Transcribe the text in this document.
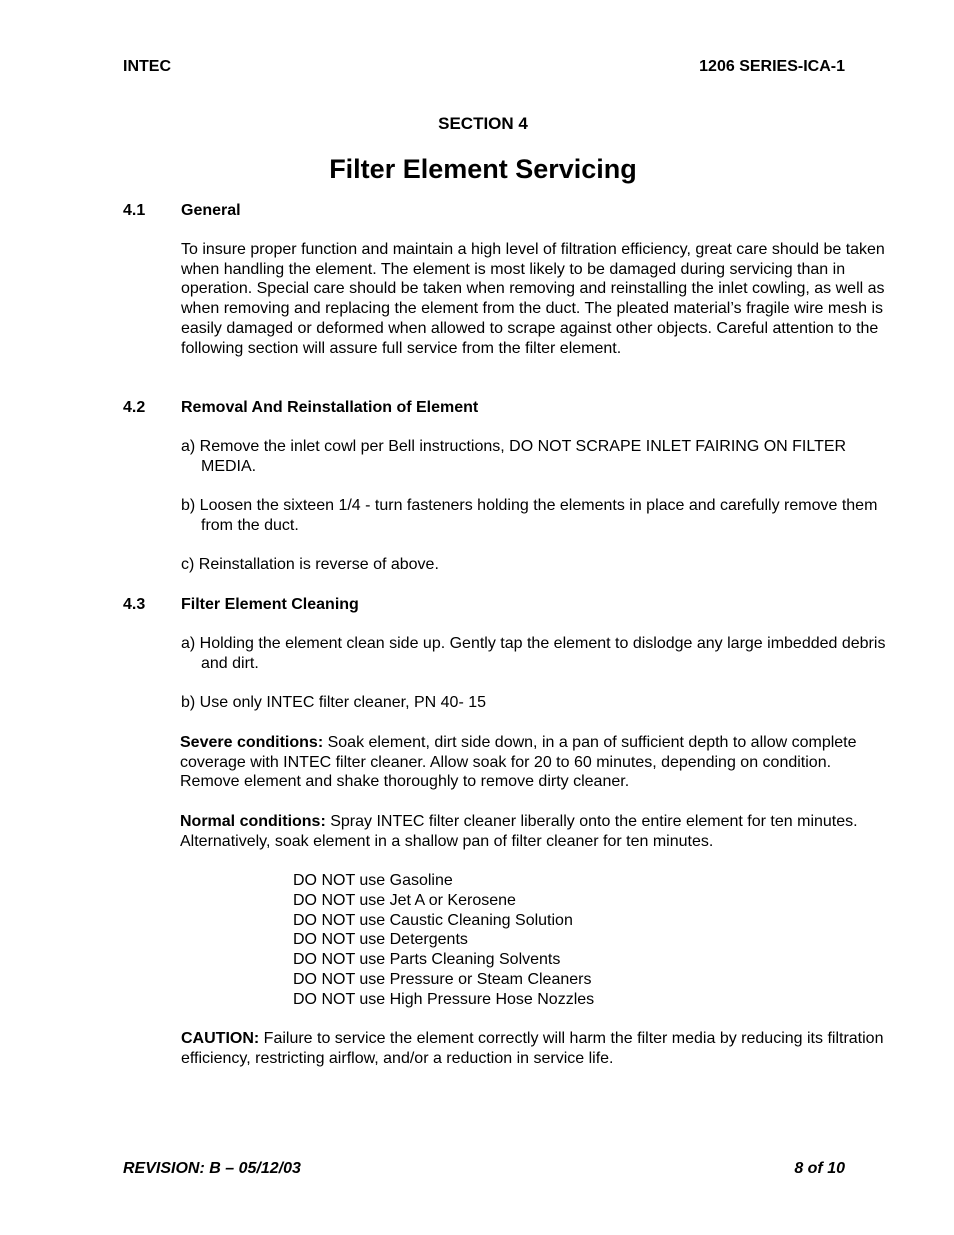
INTEC	1206 SERIES-ICA-1
SECTION 4
Filter Element Servicing
4.1 General
To insure proper function and maintain a high level of filtration efficiency, great care should be taken when handling the element. The element is most likely to be damaged during servicing than in operation. Special care should be taken when removing and reinstalling the inlet cowling, as well as when removing and replacing the element from the duct. The pleated material’s fragile wire mesh is easily damaged or deformed when allowed to scrape against other objects. Careful attention to the following section will assure full service from the filter element.
4.2 Removal And Reinstallation of Element
a) Remove the inlet cowl per Bell instructions, DO NOT SCRAPE INLET FAIRING ON FILTER MEDIA.
b) Loosen the sixteen 1/4 - turn fasteners holding the elements in place and carefully remove them from the duct.
c) Reinstallation is reverse of above.
4.3 Filter Element Cleaning
a) Holding the element clean side up. Gently tap the element to dislodge any large imbedded debris and dirt.
b) Use only INTEC filter cleaner, PN 40- 15
Severe conditions: Soak element, dirt side down, in a pan of sufficient depth to allow complete coverage with INTEC filter cleaner. Allow soak for 20 to 60 minutes, depending on condition. Remove element and shake thoroughly to remove dirty cleaner.
Normal conditions: Spray INTEC filter cleaner liberally onto the entire element for ten minutes. Alternatively, soak element in a shallow pan of filter cleaner for ten minutes.
DO NOT use Gasoline
DO NOT use Jet A or Kerosene
DO NOT use Caustic Cleaning Solution
DO NOT use Detergents
DO NOT use Parts Cleaning Solvents
DO NOT use Pressure or Steam Cleaners
DO NOT use High Pressure Hose Nozzles
CAUTION: Failure to service the element correctly will harm the filter media by reducing its filtration efficiency, restricting airflow, and/or a reduction in service life.
REVISION: B – 05/12/03	8 of 10
